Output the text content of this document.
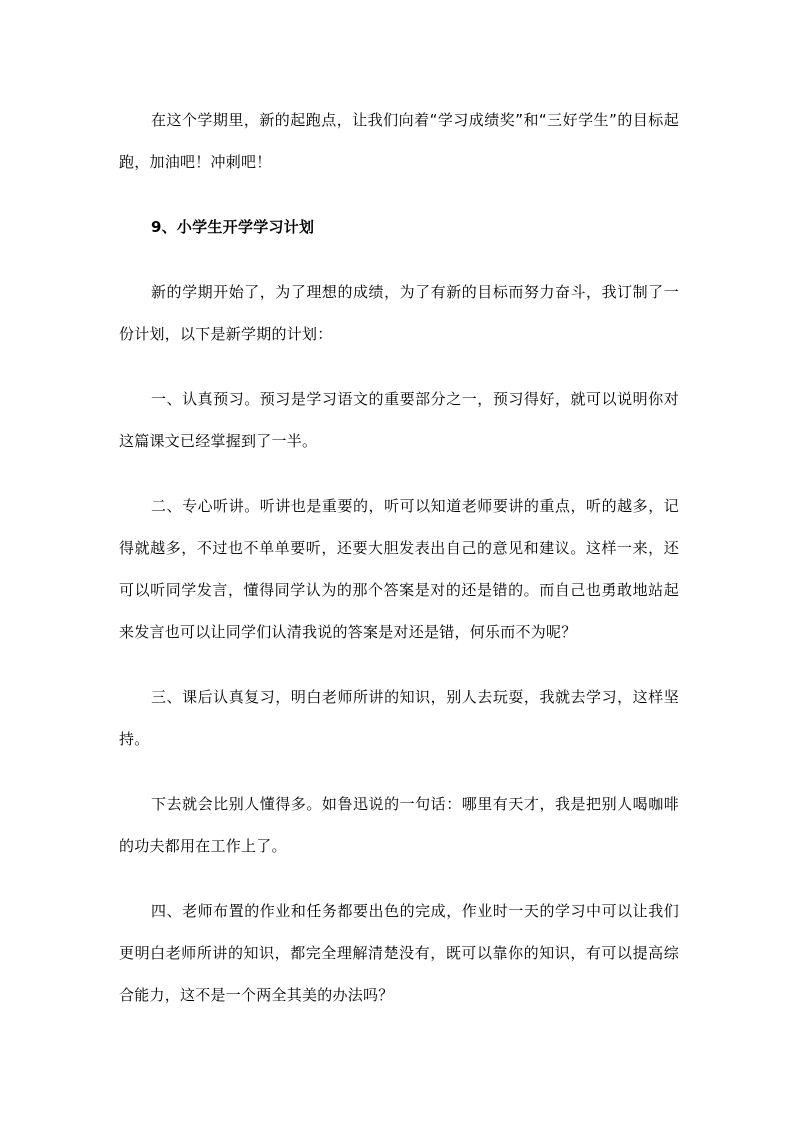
在这个学期里，新的起跑点，让我们向着“学习成绩奖”和“三好学生”的目标起跑，加油吧！冲刺吧！

9、小学生开学学习计划

新的学期开始了，为了理想的成绩，为了有新的目标而努力奋斗，我订制了一份计划，以下是新学期的计划：

一、认真预习。预习是学习语文的重要部分之一，预习得好，就可以说明你对这篇课文已经掌握到了一半。

二、专心听讲。听讲也是重要的，听可以知道老师要讲的重点，听的越多，记得就越多，不过也不单单要听，还要大胆发表出自己的意见和建议。这样一来，还可以听同学发言，懂得同学认为的那个答案是对的还是错的。而自己也勇敢地站起来发言也可以让同学们认清我说的答案是对还是错，何乐而不为呢？

三、课后认真复习，明白老师所讲的知识，别人去玩耍，我就去学习，这样坚持。

下去就会比别人懂得多。如鲁迅说的一句话：哪里有天才，我是把别人喝咖啡的功夫都用在工作上了。

四、老师布置的作业和任务都要出色的完成，作业时一天的学习中可以让我们更明白老师所讲的知识，都完全理解清楚没有，既可以靠你的知识，有可以提高综合能力，这不是一个两全其美的办法吗？
